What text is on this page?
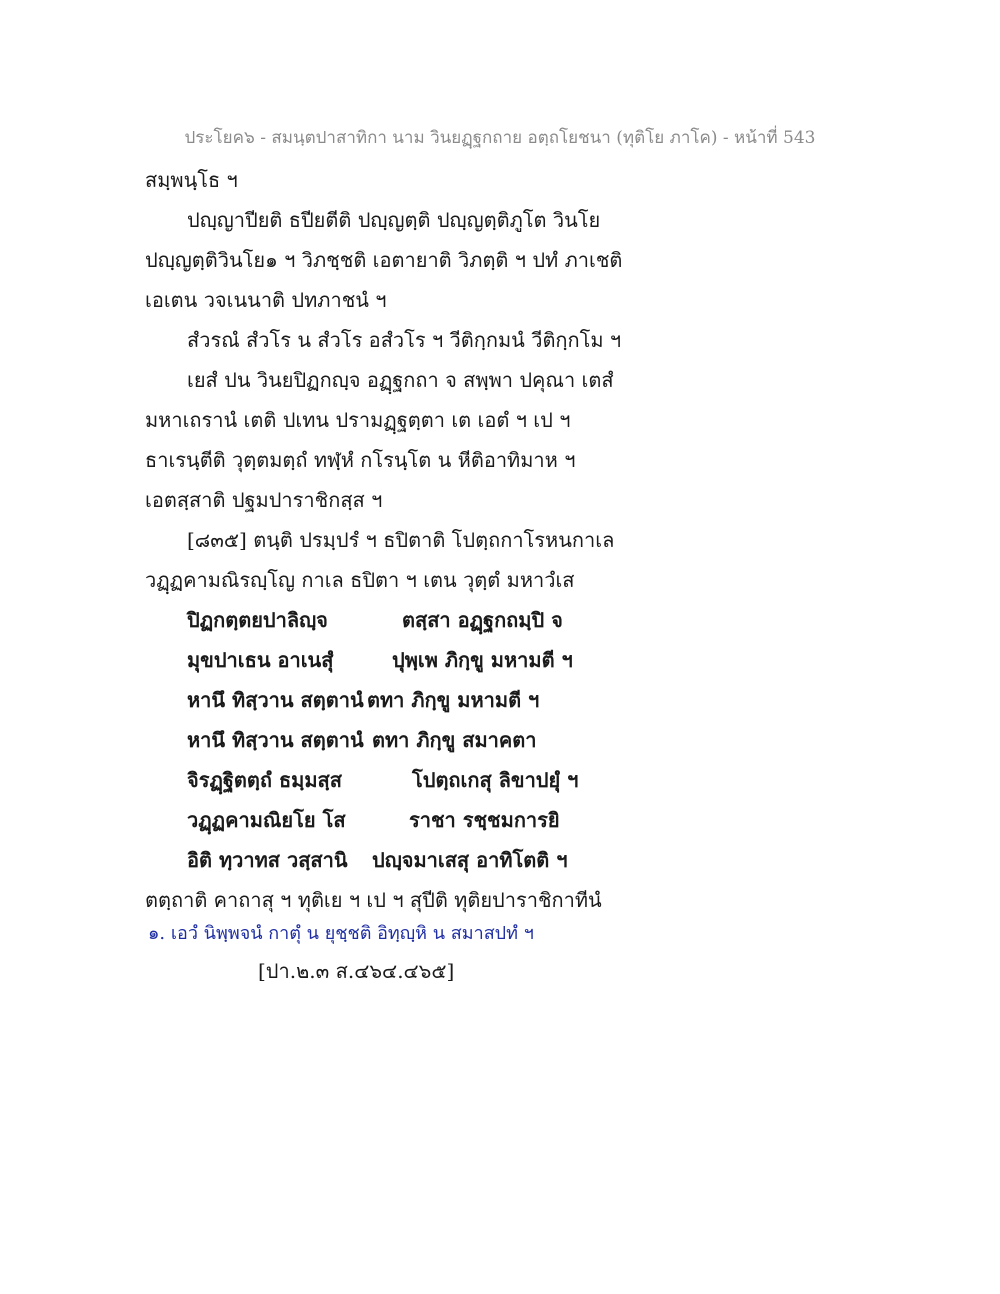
ประโยค๖ - สมนฺตปาสาทิกา นาม วินยฏฺฐกถาย อตฺถโยชนา (ทุติโย ภาโค) - หน้าที่ 543
สมฺพนฺโธ ฯ
ปญฺญาปียติ ธปียตีติ ปญฺญตฺติ ปญฺญตฺติภูโต วินโย
ปญฺญตฺติวินโย๑ ฯ วิภชฺชติ เอตายาติ วิภตฺติ ฯ ปทํ ภาเชติ
เอเตน วจเนนาติ ปทภาชนํ ฯ
สํวรณํ สํวโร น สํวโร อสํวโร ฯ วีติกฺกมนํ วีติกฺกโม ฯ
เยสํ ปน วินยปิฏกญฺจ อฏฺฐกถา จ สพฺพา ปคุณา เตสํ
มหาเถรานํ เตติ ปเทน ปรามฏฺฐตฺตา เต เอตํ ฯ เป ฯ
ธาเรนฺตีติ วุตฺตมตฺถํ ทฬฺหํ กโรนฺโต น หีติอาทิมาห ฯ
เอตสฺสาติ ปฐมปาราชิกสฺส ฯ
[๘๓๕] ตนฺติ ปรมฺปรํ ฯ ธปิตาติ โปตฺถกาโรหนกาเล
วฏฺฏคามณิรญฺโญ กาเล ธปิตา ฯ เตน วุตฺตํ มหาวํเส
ปิฏกตฺตยปาลิญฺจ	ตสฺสา อฏฺฐกถมฺปิ จ
มุขปาเธน อาเนสุํ	ปุพฺเพ ภิกฺขู มหามตี ฯ
หานึ ทิสฺวาน สตฺตานํ ตทา ภิกฺขู มหามตี ฯ
หานึ ทิสฺวาน สตฺตานํ ตทา ภิกฺขู สมาคตา
จิรฏฺฐิตตฺถํ ธมฺมสฺส	โปตฺถเกสุ ลิขาปยุํ ฯ
วฏฺฏคามณิยโย โส	ราชา รชฺชมการยิ
อิติ ทฺวาทส วสฺสานิ	ปญฺจมาเสสุ อาทิโตติ ฯ
ตตฺถาติ คาถาสุ ฯ ทุติเย ฯ เป ฯ สุปีติ ทุติยปาราชิกาทีนํ
๑. เอวํ นิพฺพจนํ กาตุํ น ยุชฺชติ อิทฺญฺหิ น สมาสปทํ ฯ
[ปา.๒.๓ ส.๔๖๔.๔๖๕]
